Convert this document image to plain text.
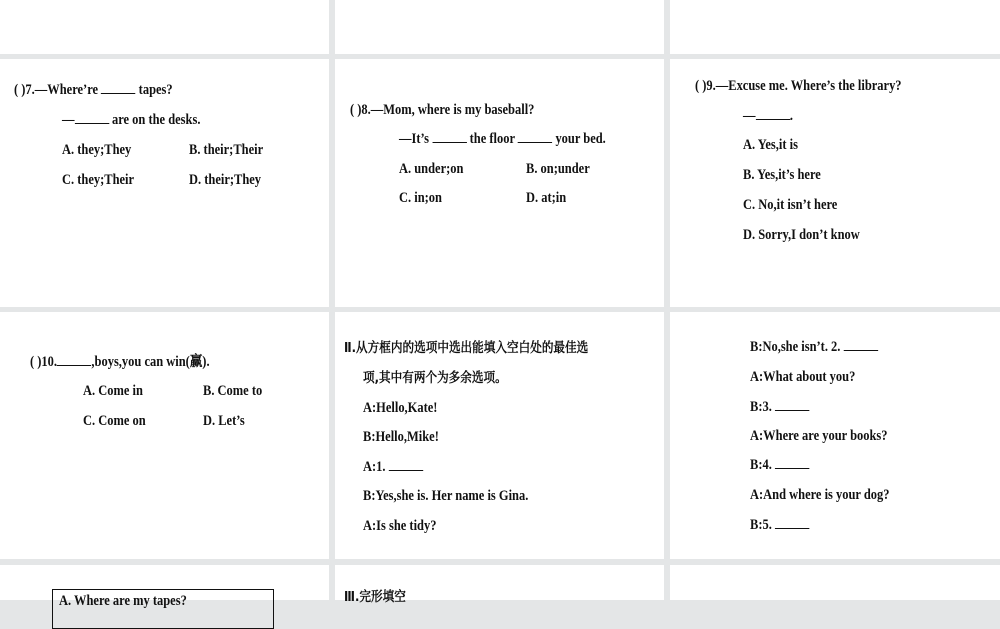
( )7.—Where’re	tapes?
—	are on the desks.
A. they;They	B. their;Their
C. they;Their	D. their;They
( )8.—Mom, where is my baseball?
—It’s	the floor	your bed.
A. under;on	B. on;under
C. in;on	D. at;in
( )9.—Excuse me. Where’s the library?
— .
A. Yes,it is
B. Yes,it’s here
C. No,it isn’t here
D. Sorry,I don’t know
( )10. ,boys,you can win(赢).
A. Come in	B. Come to
C. Come on	D. Let’s
Ⅱ.从方框内的选项中选出能填入空白处的最佳选
项,其中有两个为多余选项。
A:Hello,Kate!
B:Hello,Mike!
A:1.
B:Yes,she is. Her name is Gina.
A:Is she tidy?
B:No,she isn’t. 2.
A:What about you?
B:3.
A:Where are your books?
B:4.
A:And where is your dog?
B:5.
A. Where are my tapes?	Ⅲ.完形填空
